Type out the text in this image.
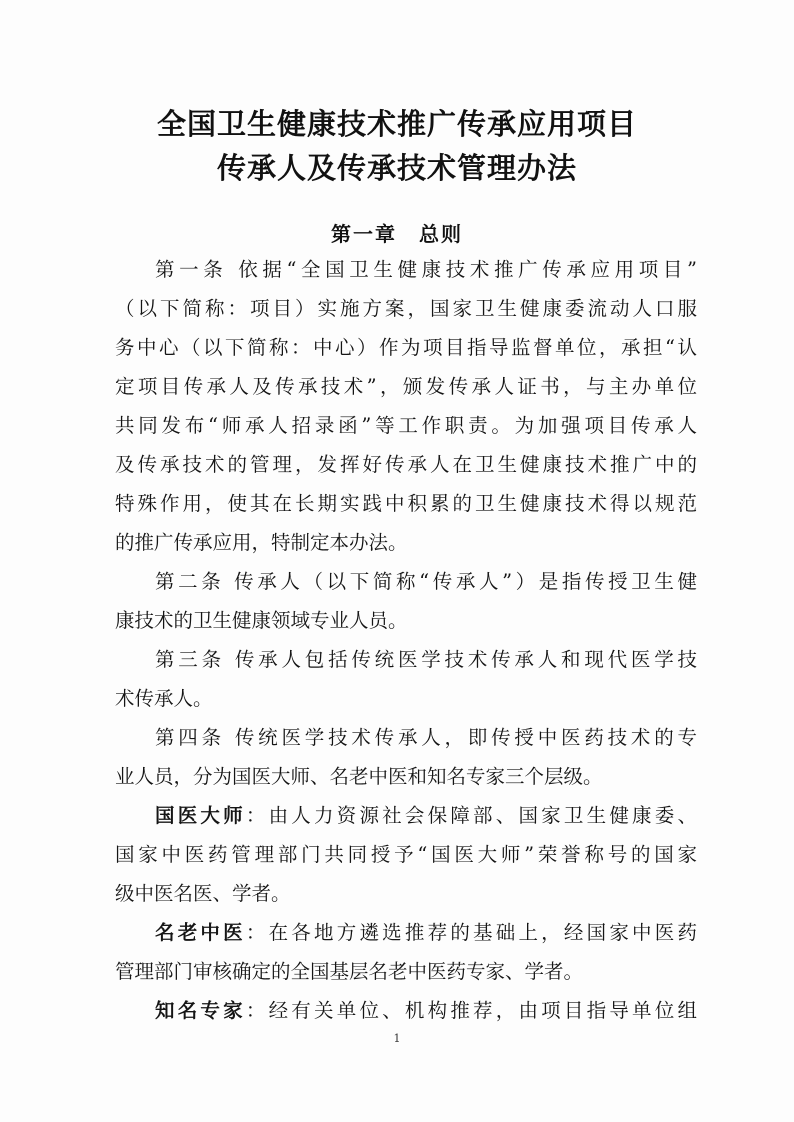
全国卫生健康技术推广传承应用项目
传承人及传承技术管理办法
第一章　总则
第一条 依据“全国卫生健康技术推广传承应用项目”
（以下简称：项目）实施方案，国家卫生健康委流动人口服
务中心（以下简称：中心）作为项目指导监督单位，承担“认
定项目传承人及传承技术”，颁发传承人证书，与主办单位
共同发布“师承人招录函”等工作职责。为加强项目传承人
及传承技术的管理，发挥好传承人在卫生健康技术推广中的
特殊作用，使其在长期实践中积累的卫生健康技术得以规范
的推广传承应用，特制定本办法。
第二条 传承人（以下简称“传承人”）是指传授卫生健
康技术的卫生健康领域专业人员。
第三条 传承人包括传统医学技术传承人和现代医学技
术传承人。
第四条 传统医学技术传承人，即传授中医药技术的专
业人员，分为国医大师、名老中医和知名专家三个层级。
国医大师：由人力资源社会保障部、国家卫生健康委、
国家中医药管理部门共同授予“国医大师”荣誉称号的国家
级中医名医、学者。
名老中医：在各地方遴选推荐的基础上，经国家中医药
管理部门审核确定的全国基层名老中医药专家、学者。
知名专家：经有关单位、机构推荐，由项目指导单位组
1
